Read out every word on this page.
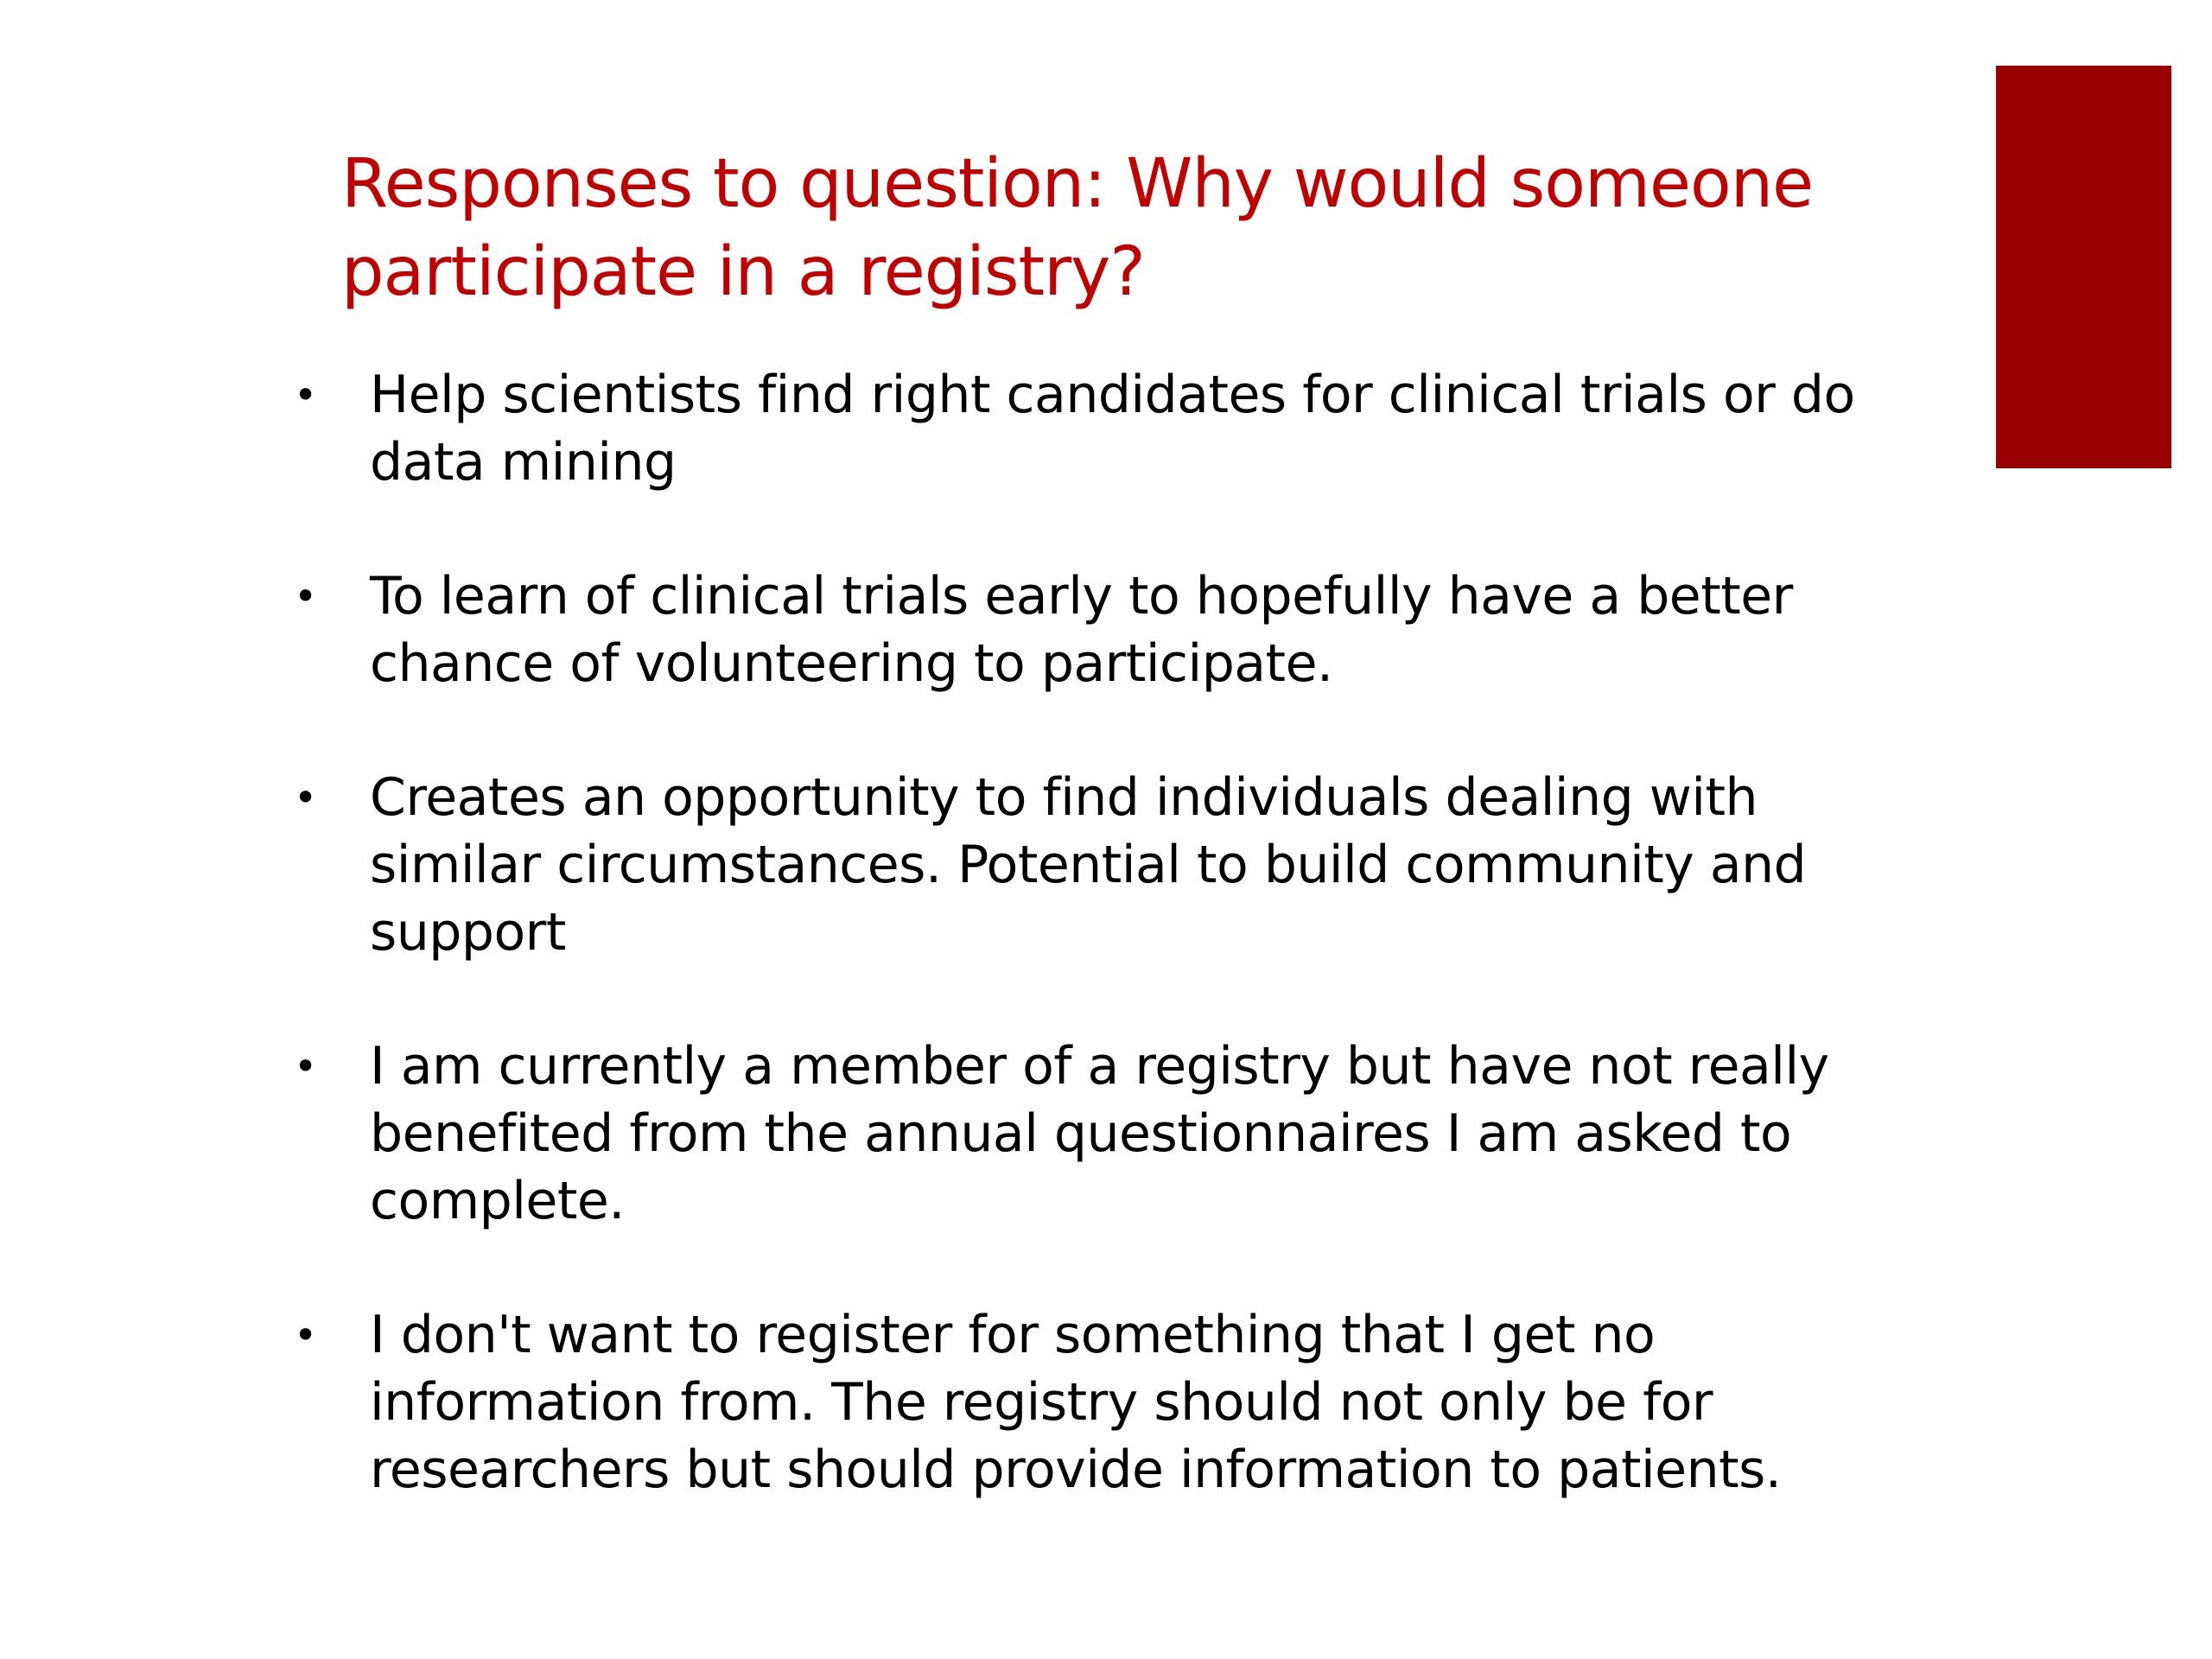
Responses to question: Why would someone participate in a registry?
• Help scientists find right candidates for clinical trials or do data mining
• To learn of clinical trials early to hopefully have a better chance of volunteering to participate.
• Creates an opportunity to find individuals dealing with similar circumstances. Potential to build community and support
• I am currently a member of a registry but have not really benefited from the annual questionnaires I am asked to complete.
• I don't want to register for something that I get no information from. The registry should not only be for researchers but should provide information to patients.
